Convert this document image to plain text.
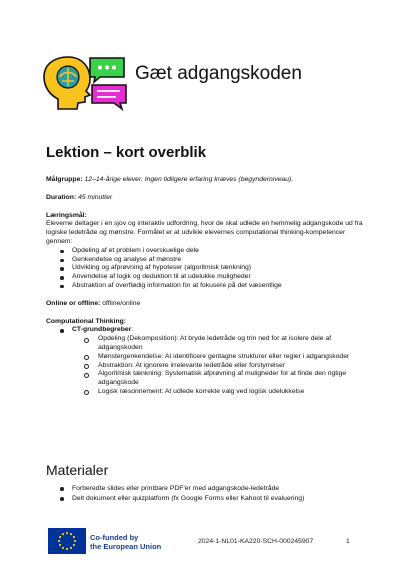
Gæt adgangskoden
Lektion – kort overblik

Målgruppe: 12–14-årige elever. Ingen tidligere erfaring kræves (begynderniveau).

Duration: 45 minutter

Læringsmål:
Eleverne deltager i en sjov og interaktiv udfordring, hvor de skal udlede en hemmelig adgangskode ud fra logiske ledetråde og mønstre. Formålet er at udvikle elevernes computational thinking-kompetencer gennem:
Opdeling af et problem i overskuelige dele
Genkendelse og analyse af mønstre
Udvikling og afprøvning af hypoteser (algoritmisk tænkning)
Anvendelse af logik og deduktion til at udelukke muligheder
Abstraktion af overflødig information for at fokusere på det væsentlige

Online or offline: offline/online

Computational Thinking:
CT-grundbegreber:
Opdeling (Dekomposition): At bryde ledetråde og trin ned for at isolere dele af adgangskoden
Mønstergenkendelse: At identificere gentagne strukturer eller regler i adgangskoder
Abstraktion: At ignorere irrelevante ledetråde eller forstyrrelser
Algoritmisk tænkning: Systematisk afprøvning af muligheder for at finde den rigtige adgangskode
Logisk ræsonnement: At udlede korrekte valg ved logisk udelukkelse
Materialer
Forberedte slides eller printbare PDF'er med adgangskode-ledetråde
Delt dokument eller quizplatform (fx Google Forms eller Kahoot til evaluering)
Co-funded by
the European Union
2024-1-NL01-KA220-SCH-000245907	1
